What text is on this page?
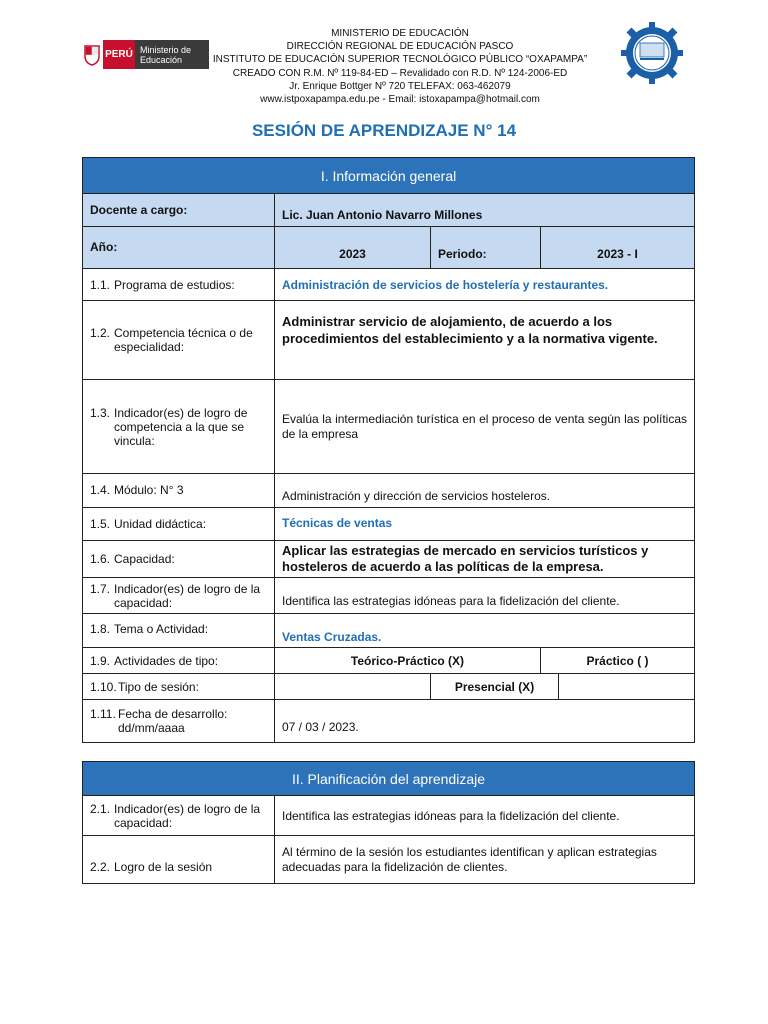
PERÚ Ministerio de Educación
MINISTERIO DE EDUCACIÓN
DIRECCIÓN REGIONAL DE EDUCACIÓN PASCO
INSTITUTO DE EDUCACIÓN SUPERIOR TECNOLÓGICO PÚBLICO “OXAPAMPA”
CREADO CON R.M. Nº 119-84-ED – Revalidado con R.D. Nº 124-2006-ED
Jr. Enrique Bottger Nº 720 TELEFAX: 063-462079
www.istpoxapampa.edu.pe - Email: istoxapampa@hotmail.com
SESIÓN DE APRENDIZAJE N° 14
I. Información general				
Docente a cargo:	Lic. Juan Antonio Navarro Millones			
Año:	2023	Periodo:	2023 - I	
1.1. Programa de estudios:	Administración de servicios de hostelería y restaurantes.			

1.2. Competencia técnica o de especialidad:	Administrar servicio de alojamiento, de acuerdo a los procedimientos del establecimiento y a la normativa vigente.			

1.3. Indicador(es) de logro de competencia a la que se vincula:	Evalúa la intermediación turística en el proceso de venta según las políticas de la empresa			
1.4. Módulo: N° 3	Administración y dirección de servicios hosteleros.			
1.5. Unidad didáctica:	Técnicas de ventas			
1.6. Capacidad:	Aplicar las estrategias de mercado en servicios turísticos y hosteleros de acuerdo a las políticas de la empresa.			

1.7. Indicador(es) de logro de la capacidad:	Identifica las estrategias idóneas para la fidelización del cliente.			
1.8. Tema o Actividad:	Ventas Cruzadas.			
1.9. Actividades de tipo:	Teórico-Práctico (X)		Práctico ( )	
1.10.Tipo de sesión:		Presencial (X)		
1.11. Fecha de desarrollo:
dd/mm/aaaa	07 / 03 / 2023.			
II. Planificación del aprendizaje	

2.1. Indicador(es) de logro de la capacidad:	Identifica las estrategias idóneas para la fidelización del cliente.
2.2. Logro de la sesión	Al término de la sesión los estudiantes identifican y aplican estrategias adecuadas para la fidelización de clientes.
